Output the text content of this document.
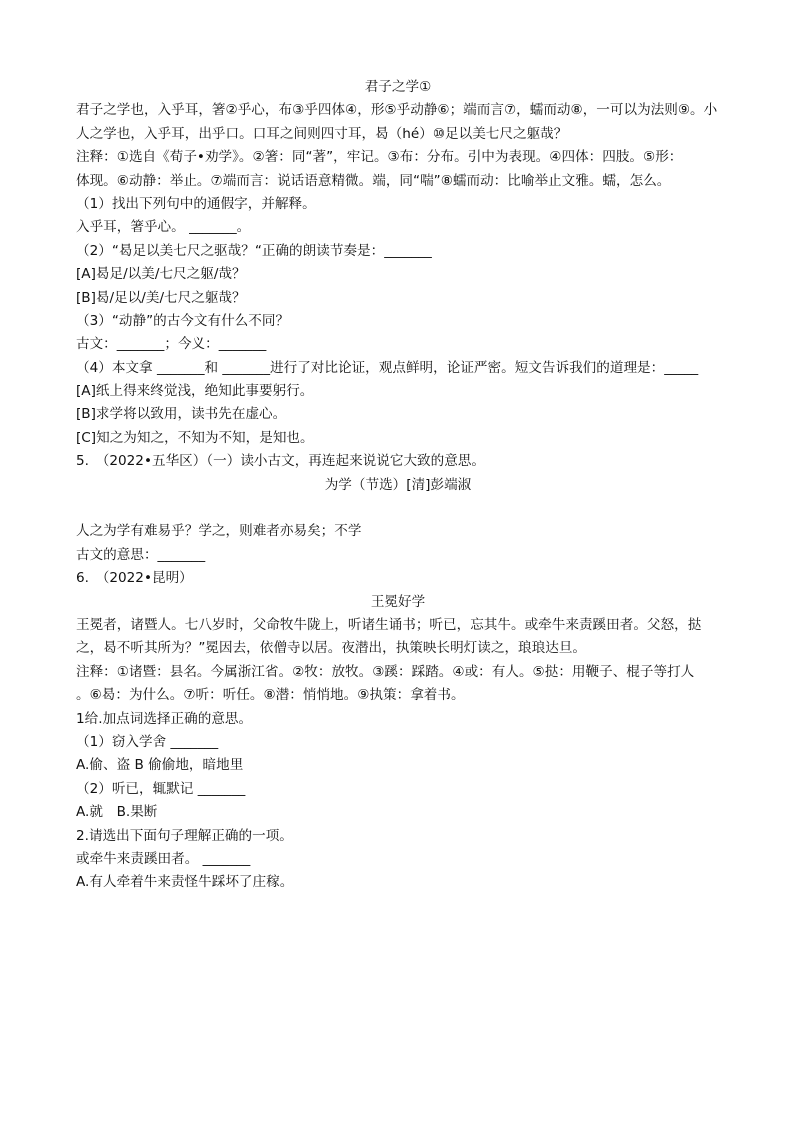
君子之学①
君子之学也，入乎耳，箸②乎心，布③乎四体④，形⑤乎动静⑥；端而言⑦，蠕而动⑧，一可以为法则⑨。小
人之学也，入乎耳，出乎口。口耳之间则四寸耳，曷（hé）⑩足以美七尺之躯哉？
注释：①选自《荀子•劝学》。②箸：同“著”，牢记。③布：分布。引中为表现。④四体：四肢。⑤形：
体现。⑥动静：举止。⑦端而言：说话语意精微。端，同“喘”⑧蠕而动：比喻举止文雅。蠕，怎么。
（1）找出下列句中的通假字，并解释。
入乎耳，箸乎心。 _______。
（2）“曷足以美七尺之驱哉？“正确的朗读节奏是：_______
[A]曷足/以美/七尺之躯/哉？
[B]曷/足以/美/七尺之躯哉？
（3）“动静”的古今文有什么不同？
古文：_______；今义：_______
（4）本文拿 _______和 _______进行了对比论证，观点鲜明，论证严密。短文告诉我们的道理是：_____
[A]纸上得来终觉浅，绝知此事要躬行。
[B]求学将以致用，读书先在虚心。
[C]知之为知之，不知为不知，是知也。
5.　（2022•五华区）（一）读小古文，再连起来说说它大致的意思。
为学（节选）[清]彭端淑
人之为学有难易乎？学之，则难者亦易矣；不学
古文的意思：_______
6.　（2022•昆明）
王冕好学
王冕者，诸暨人。七八岁时，父命牧牛陇上，听诸生诵书；听已，忘其牛。或牵牛来责蹊田者。父怒，挞
之，曷不听其所为？”冕因去，依僧寺以居。夜潜出，执策映长明灯读之，琅琅达旦。
注释：①诸暨：县名。今属浙江省。②牧：放牧。③蹊：踩踏。④或：有人。⑤挞：用鞭子、棍子等打人
。⑥曷：为什么。⑦听：听任。⑧潜：悄悄地。⑨执策：拿着书。
1给.加点词选择正确的意思。
（1）窃入学舍 _______
A.偷、盗 B 偷偷地，暗地里
（2）听已，辄默记 _______
A.就　B.果断
2.请选出下面句子理解正确的一项。
或牵牛来责蹊田者。 _______
A.有人牵着牛来责怪牛踩坏了庄稼。
